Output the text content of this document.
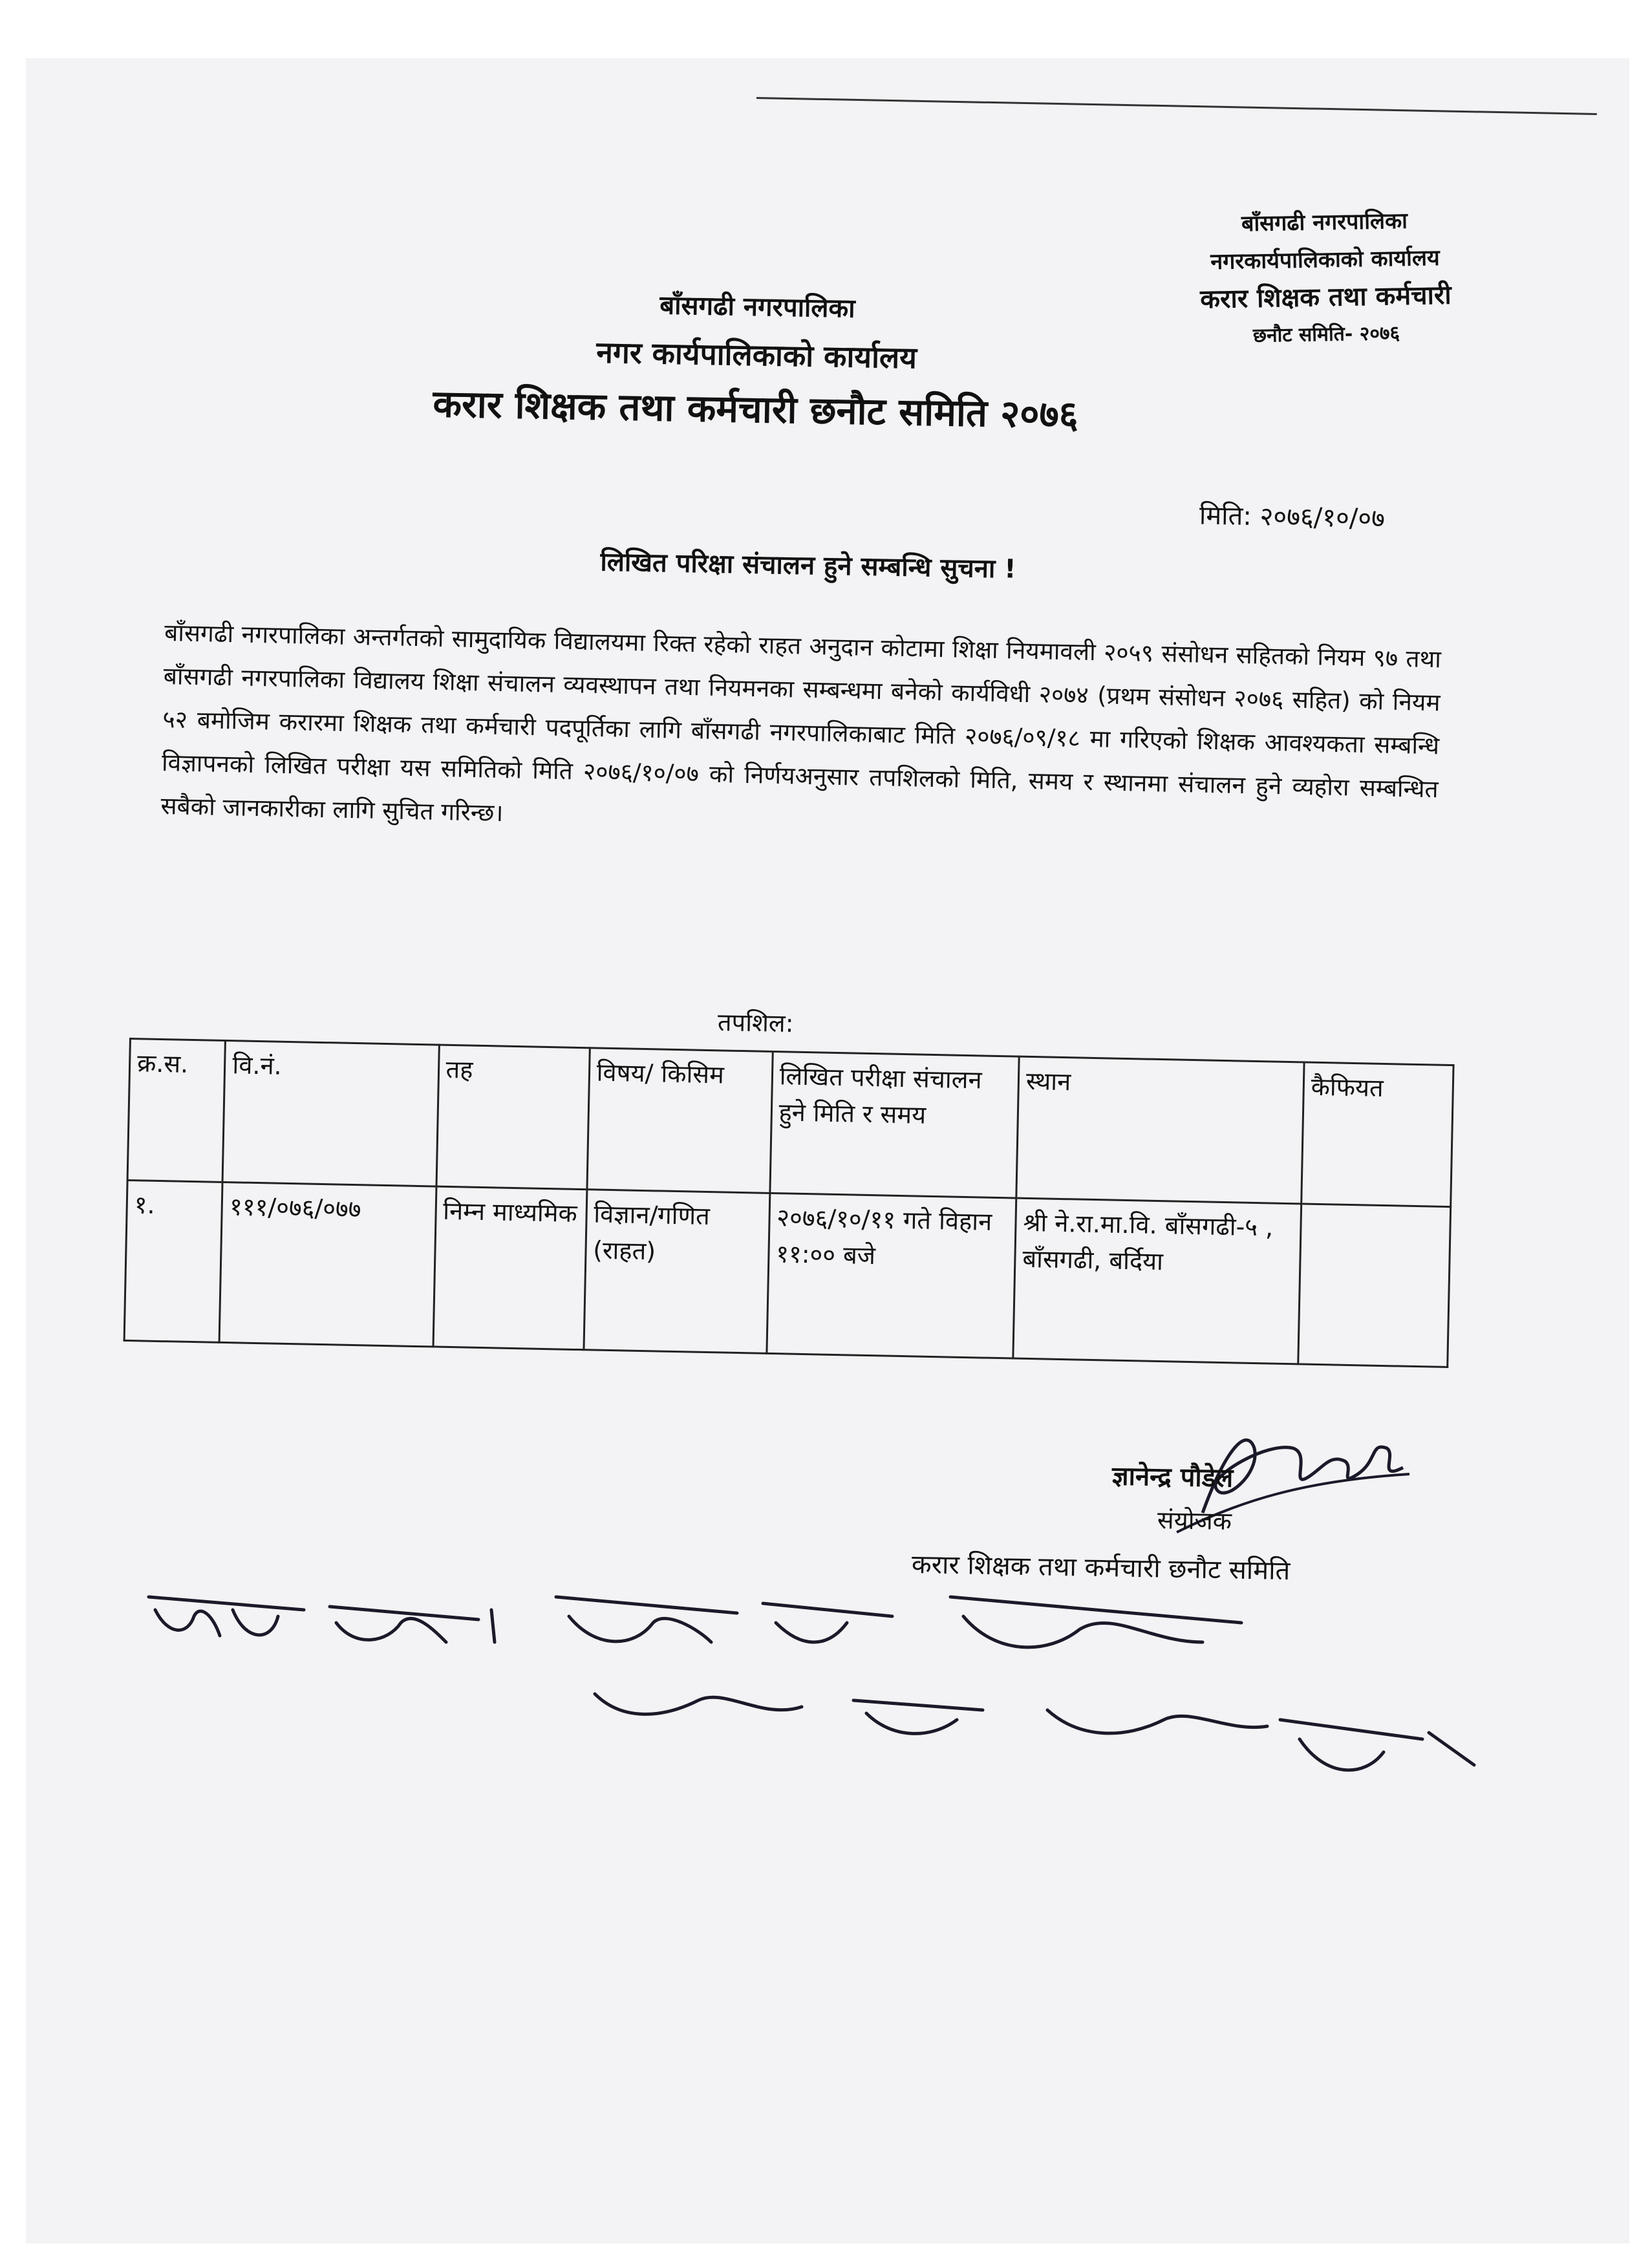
बाँसगढी नगरपालिका
नगरकार्यपालिकाको कार्यालय
करार शिक्षक तथा कर्मचारी
छनौट समिति- २०७६
बाँसगढी नगरपालिका
नगर कार्यपालिकाको कार्यालय
करार शिक्षक तथा कर्मचारी छनौट समिति २०७६
मिति: २०७६/१०/०७
लिखित परिक्षा संचालन हुने सम्बन्धि सुचना !
बाँसगढी नगरपालिका अन्तर्गतको सामुदायिक विद्यालयमा रिक्त रहेको राहत अनुदान कोटामा शिक्षा नियमावली २०५९ संसोधन सहितको नियम ९७ तथा बाँसगढी नगरपालिका विद्यालय शिक्षा संचालन व्यवस्थापन तथा नियमनका सम्बन्धमा बनेको कार्यविधी २०७४ (प्रथम संसोधन २०७६ सहित) को नियम ५२ बमोजिम करारमा शिक्षक तथा कर्मचारी पदपूर्तिका लागि बाँसगढी नगरपालिकाबाट मिति २०७६/०९/१८ मा गरिएको शिक्षक आवश्यकता सम्बन्धि विज्ञापनको लिखित परीक्षा यस समितिको मिति २०७६/१०/०७ को निर्णयअनुसार तपशिलको मिति, समय र स्थानमा संचालन हुने व्यहोरा सम्बन्धित सबैको जानकारीका लागि सुचित गरिन्छ।
तपशिल:
क्र.स.	वि.नं.	तह	विषय/ किसिम	लिखित परीक्षा संचालन हुने मिति र समय	स्थान	कैफियत
१.	१११/०७६/०७७	निम्न माध्यमिक	विज्ञान/गणित (राहत)	२०७६/१०/११ गते विहान ११:०० बजे	श्री ने.रा.मा.वि. बाँसगढी-५ , बाँसगढी, बर्दिया	
ज्ञानेन्द्र पौडेल
संयोजक
करार शिक्षक तथा कर्मचारी छनौट समिति
